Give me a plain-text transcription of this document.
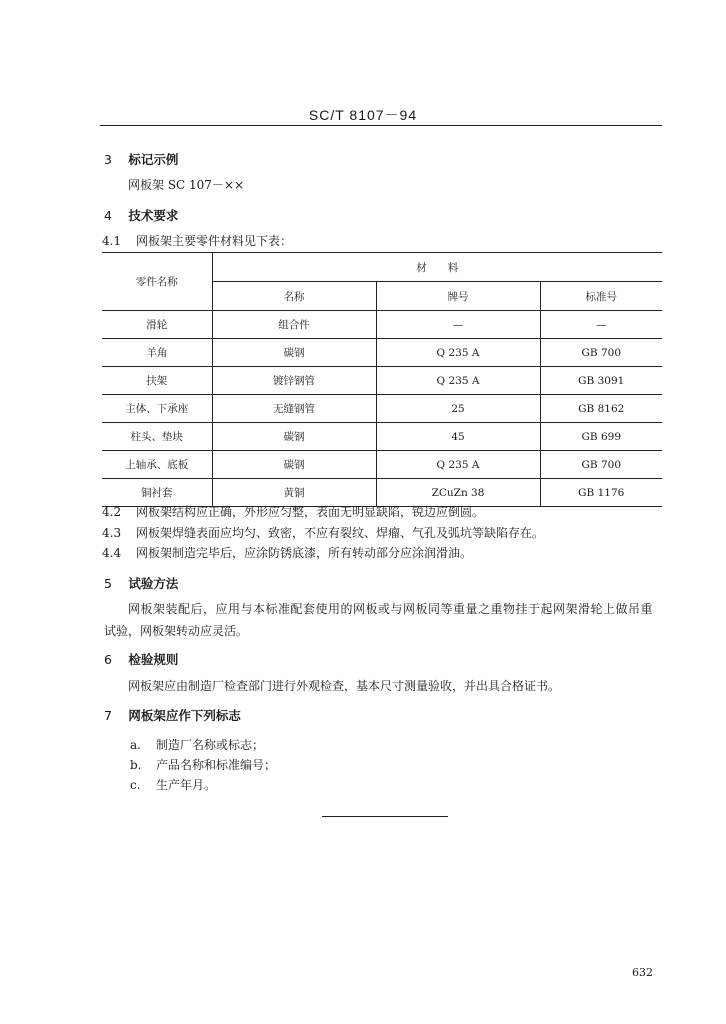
SC/T 8107－94
3 标记示例
网板架 SC 107－××
4 技术要求
4.1 网板架主要零件材料见下表：
零件名称	材　　料		
	名称	牌号	标准号
滑轮	组合件	—	—
羊角	碳钢	Q 235 A	GB 700
扶架	镀锌钢管	Q 235 A	GB 3091
主体、下承座	无缝钢管	25	GB 8162
柱头、垫块	碳钢	45	GB 699
上轴承、底板	碳钢	Q 235 A	GB 700
铜衬套	黄铜	ZCuZn 38	GB 1176
4.2 网板架结构应正确，外形应匀整，表面无明显缺陷，锐边应倒圆。
4.3 网板架焊缝表面应均匀、致密，不应有裂纹、焊瘤、气孔及弧坑等缺陷存在。
4.4 网板架制造完毕后，应涂防锈底漆，所有转动部分应涂润滑油。
5 试验方法
网板架装配后，应用与本标准配套使用的网板或与网板同等重量之重物挂于起网架滑轮上做吊重
试验，网板架转动应灵活。
6 检验规则
网板架应由制造厂检查部门进行外观检查，基本尺寸测量验收，并出具合格证书。
7 网板架应作下列标志
a. 制造厂名称或标志；
b. 产品名称和标准编号；
c. 生产年月。
632
